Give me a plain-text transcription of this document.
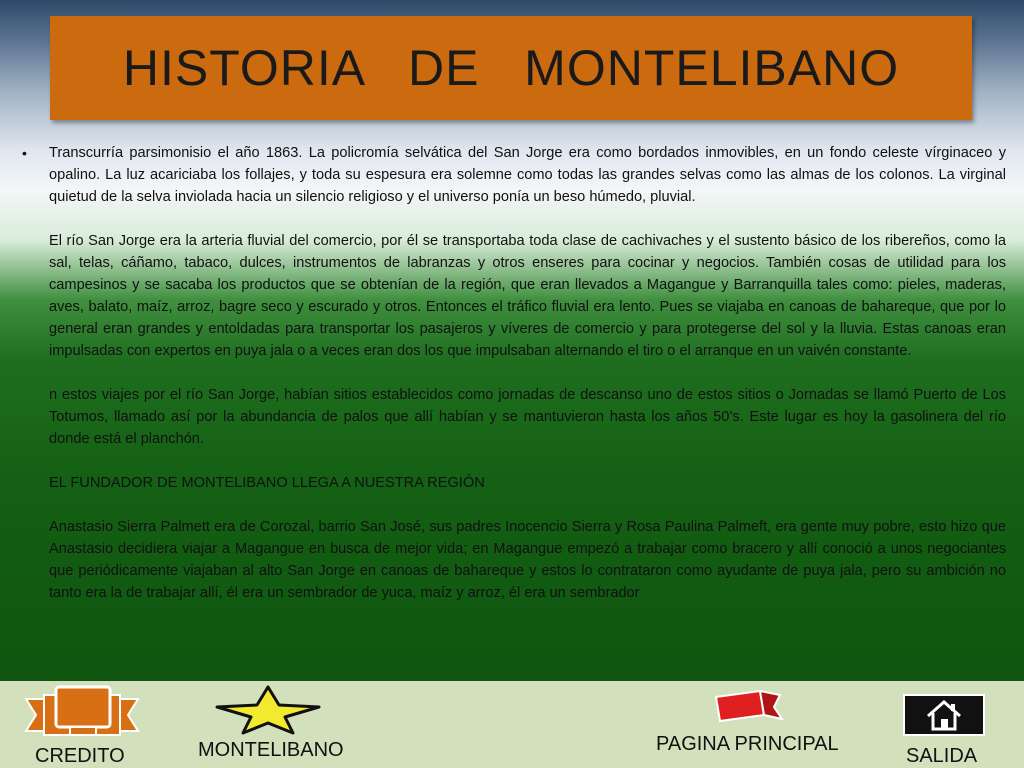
HISTORIA   DE   MONTELIBANO
• Transcurría parsimonisio el año 1863. La policromía selvática del San Jorge era como bordados inmovibles, en un fondo celeste vírginaceo y opalino. La luz acariciaba los follajes, y toda su espesura era solemne como todas las grandes selvas como las almas de los colonos. La virginal quietud de la selva inviolada hacia un silencio religioso y el universo ponía un beso húmedo, pluvial.

El río San Jorge era la arteria fluvial del comercio, por él se transportaba toda clase de cachivaches y el sustento básico de los ribereños, como la sal, telas, cáñamo, tabaco, dulces, instrumentos de labranzas y otros enseres para cocinar y negocios. También cosas de utilidad para los campesinos y se sacaba los productos que se obtenían de la región, que eran llevados a Magangue y Barranquilla tales como: pieles, maderas, aves, balato, maíz, arroz, bagre seco y escurado y otros. Entonces el tráfico fluvial era lento. Pues se viajaba en canoas de bahareque, que por lo general eran grandes y entoldadas para transportar los pasajeros y víveres de comercio y para protegerse del sol y la lluvia. Estas canoas eran impulsadas con expertos en puya jala o a veces eran dos los que impulsaban alternando el tiro o el arranque en un vaivén constante.

n estos viajes por el río San Jorge, habían sitios establecidos como jornadas de descanso uno de estos sitios o Jornadas se llamó Puerto de Los Totumos, llamado así por la abundancia de palos que allí habían y se mantuvieron hasta los años 50’s. Este lugar es hoy la gasolinera del río donde está el planchón.

EL FUNDADOR DE MONTELIBANO LLEGA A NUESTRA REGIÓN

Anastasio Sierra Palmett era de Corozal, barrio San José, sus padres Inocencio Sierra y Rosa Paulina Palmeft, era gente muy pobre, esto hizo que Anastasio decidiera viajar a Magangue en busca de mejor vida; en Magangue empezó a trabajar como bracero y allí conoció a unos negociantes que periódicamente viajaban al alto San Jorge en canoas de bahareque y estos lo contrataron como ayudante de puya jala, pero su ambición no tanto era la de trabajar allí, él era un sembrador de yuca, maíz y arroz, él era un sembrador

CREDITO	MONTELIBANO	PAGINA PRINCIPAL
SALIDA
